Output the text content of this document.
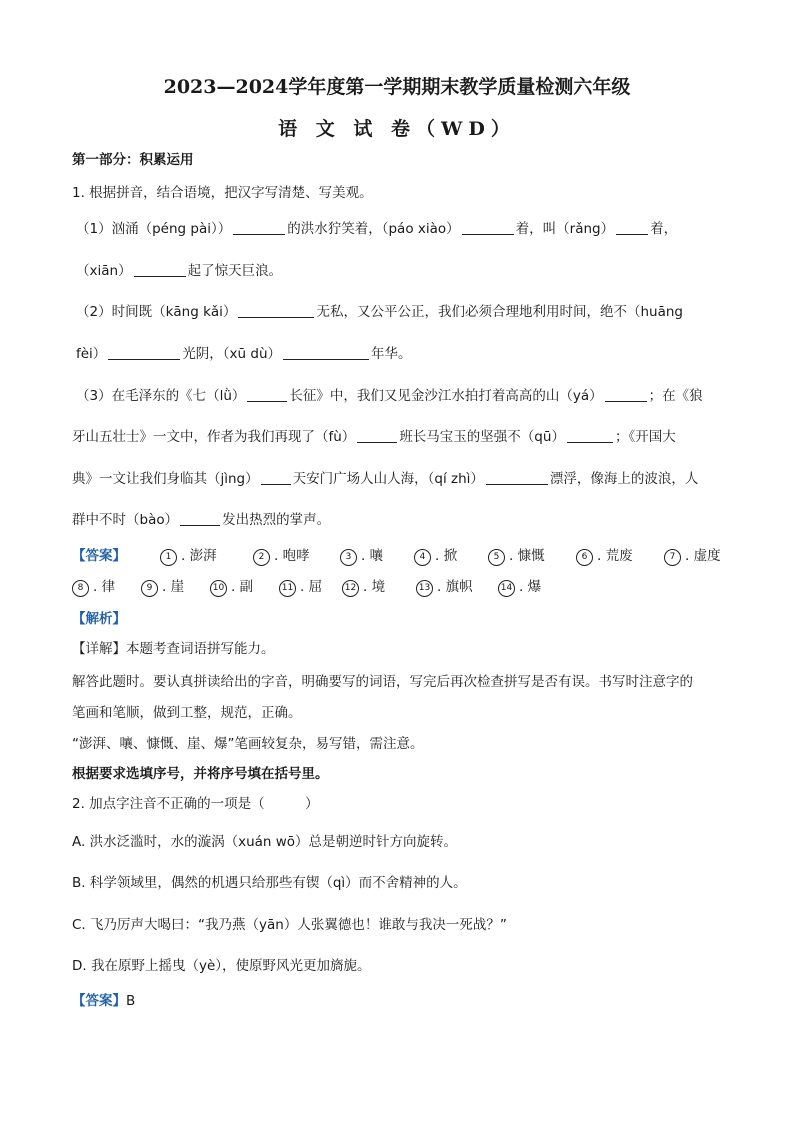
2023—2024学年度第一学期期末教学质量检测六年级
语 文 试 卷（WD）
第一部分：积累运用
1. 根据拼音，结合语境，把汉字写清楚、写美观。
（1）汹涌（péng pài））	的洪水狞笑着，（páo xiào）	着，叫（rǎng）	着，
（xiān）	起了惊天巨浪。
（2）时间既（kāng kǎi）	无私，又公平公正，我们必须合理地利用时间，绝不（huāng
fèi）	光阴，（xū dù）	年华。
（3）在毛泽东的《七（lǜ）	长征》中，我们又见金沙江水拍打着高高的山（yá）	；在《狼
牙山五壮士》一文中，作者为我们再现了（fù）	班长马宝玉的坚强不（qū）	；《开国大
典》一文让我们身临其（jìng）	天安门广场人山人海，（qí zhì）	漂浮，像海上的波浪，人
群中不时（bào）	发出热烈的掌声。
【答案】	1 . 澎湃	2 . 咆哮	3 . 嚷	4 . 掀	5 . 慷慨	6 . 荒废	7 . 虚度
8 . 律	9 . 崖	10 . 副	11 . 屈	12 . 境	13 . 旗帜	14 . 爆
【解析】
【详解】本题考查词语拼写能力。
解答此题时。要认真拼读给出的字音，明确要写的词语，写完后再次检查拼写是否有误。书写时注意字的
笔画和笔顺，做到工整，规范，正确。
“澎湃、嚷、慷慨、崖、爆”笔画较复杂，易写错，需注意。
根据要求选填序号，并将序号填在括号里。
2. 加点字注音不正确的一项是（　　　）
A. 洪水泛滥时，水的漩涡（xuán wō）总是朝逆时针方向旋转。
B. 科学领域里，偶然的机遇只给那些有锲（qì）而不舍精神的人。
C. 飞乃厉声大喝曰：“我乃燕（yān）人张翼德也！谁敢与我决一死战？”
D. 我在原野上摇曳（yè），使原野风光更加旖旎。
【答案】B
